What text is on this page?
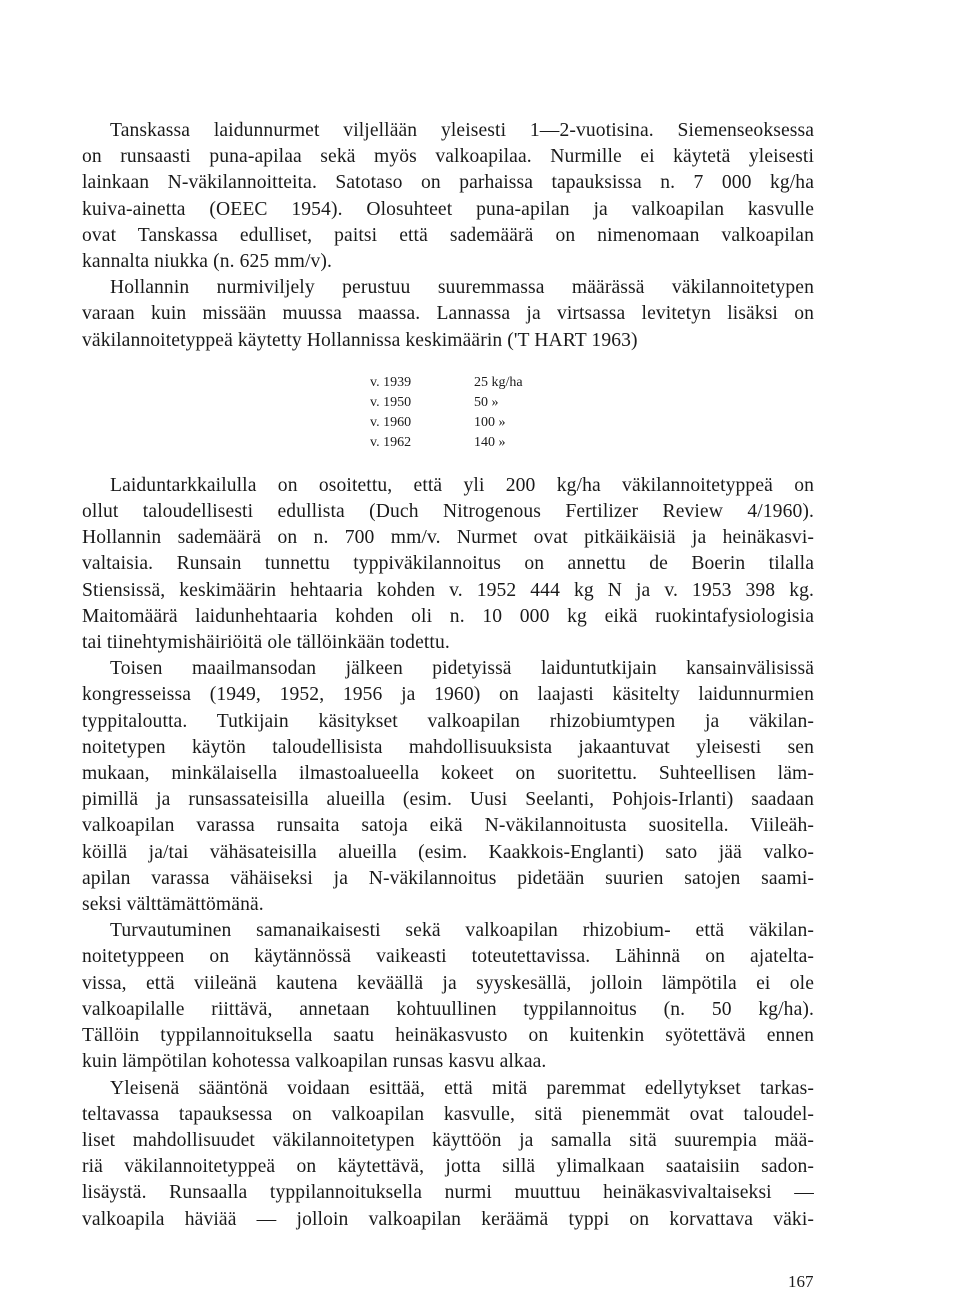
Tanskassa laidunnurmet viljellään yleisesti 1—2-vuotisina. Siemenseoksessa
on runsaasti puna-apilaa sekä myös valkoapilaa. Nurmille ei käytetä yleisesti
lainkaan N-väkilannoitteita. Satotaso on parhaissa tapauksissa n. 7 000 kg/ha
kuiva-ainetta (OEEC 1954). Olosuhteet puna-apilan ja valkoapilan kasvulle
ovat Tanskassa edulliset, paitsi että sademäärä on nimenomaan valkoapilan
kannalta niukka (n. 625 mm/v).

Hollannin nurmiviljely perustuu suuremmassa määrässä väkilannoitetypen
varaan kuin missään muussa maassa. Lannassa ja virtsassa levitetyn lisäksi on
väkilannoitetyppeä käytetty Hollannissa keskimäärin ('T HART 1963)

v. 1939	25 kg/ha
v. 1950	50 »
v. 1960	100 »
v. 1962	140 »

Laiduntarkkailulla on osoitettu, että yli 200 kg/ha väkilannoitetyppeä on
ollut taloudellisesti edullista (Duch Nitrogenous Fertilizer Review 4/1960).
Hollannin sademäärä on n. 700 mm/v. Nurmet ovat pitkäikäisiä ja heinäkasvi-
valtaisia. Runsain tunnettu typpiväkilannoitus on annettu de Boerin tilalla
Stiensissä, keskimäärin hehtaaria kohden v. 1952 444 kg N ja v. 1953 398 kg.
Maitomäärä laidunhehtaaria kohden oli n. 10 000 kg eikä ruokintafysiologisia
tai tiinehtymishäiriöitä ole tällöinkään todettu.

Toisen maailmansodan jälkeen pidetyissä laiduntutkijain kansainvälisissä
kongresseissa (1949, 1952, 1956 ja 1960) on laajasti käsitelty laidunnurmien
typpitaloutta. Tutkijain käsitykset valkoapilan rhizobiumtypen ja väkilan-
noitetypen käytön taloudellisista mahdollisuuksista jakaantuvat yleisesti sen
mukaan, minkälaisella ilmastoalueella kokeet on suoritettu. Suhteellisen läm-
pimillä ja runsassateisilla alueilla (esim. Uusi Seelanti, Pohjois-Irlanti) saadaan
valkoapilan varassa runsaita satoja eikä N-väkilannoitusta suositella. Viileäh-
köillä ja/tai vähäsateisilla alueilla (esim. Kaakkois-Englanti) sato jää valko-
apilan varassa vähäiseksi ja N-väkilannoitus pidetään suurien satojen saami-
seksi välttämättömänä.

Turvautuminen samanaikaisesti sekä valkoapilan rhizobium- että väkilan-
noitetyppeen on käytännössä vaikeasti toteutettavissa. Lähinnä on ajatelta-
vissa, että viileänä kautena keväällä ja syyskesällä, jolloin lämpötila ei ole
valkoapilalle riittävä, annetaan kohtuullinen typpilannoitus (n. 50 kg/ha).
Tällöin typpilannoituksella saatu heinäkasvusto on kuitenkin syötettävä ennen
kuin lämpötilan kohotessa valkoapilan runsas kasvu alkaa.

Yleisenä sääntönä voidaan esittää, että mitä paremmat edellytykset tarkas-
teltavassa tapauksessa on valkoapilan kasvulle, sitä pienemmät ovat taloudel-
liset mahdollisuudet väkilannoitetypen käyttöön ja samalla sitä suurempia mää-
riä väkilannoitetyppeä on käytettävä, jotta sillä ylimalkaan saataisiin sadon-
lisäystä. Runsaalla typpilannoituksella nurmi muuttuu heinäkasvivaltaiseksi —
valkoapila häviää — jolloin valkoapilan keräämä typpi on korvattava väki-

167
